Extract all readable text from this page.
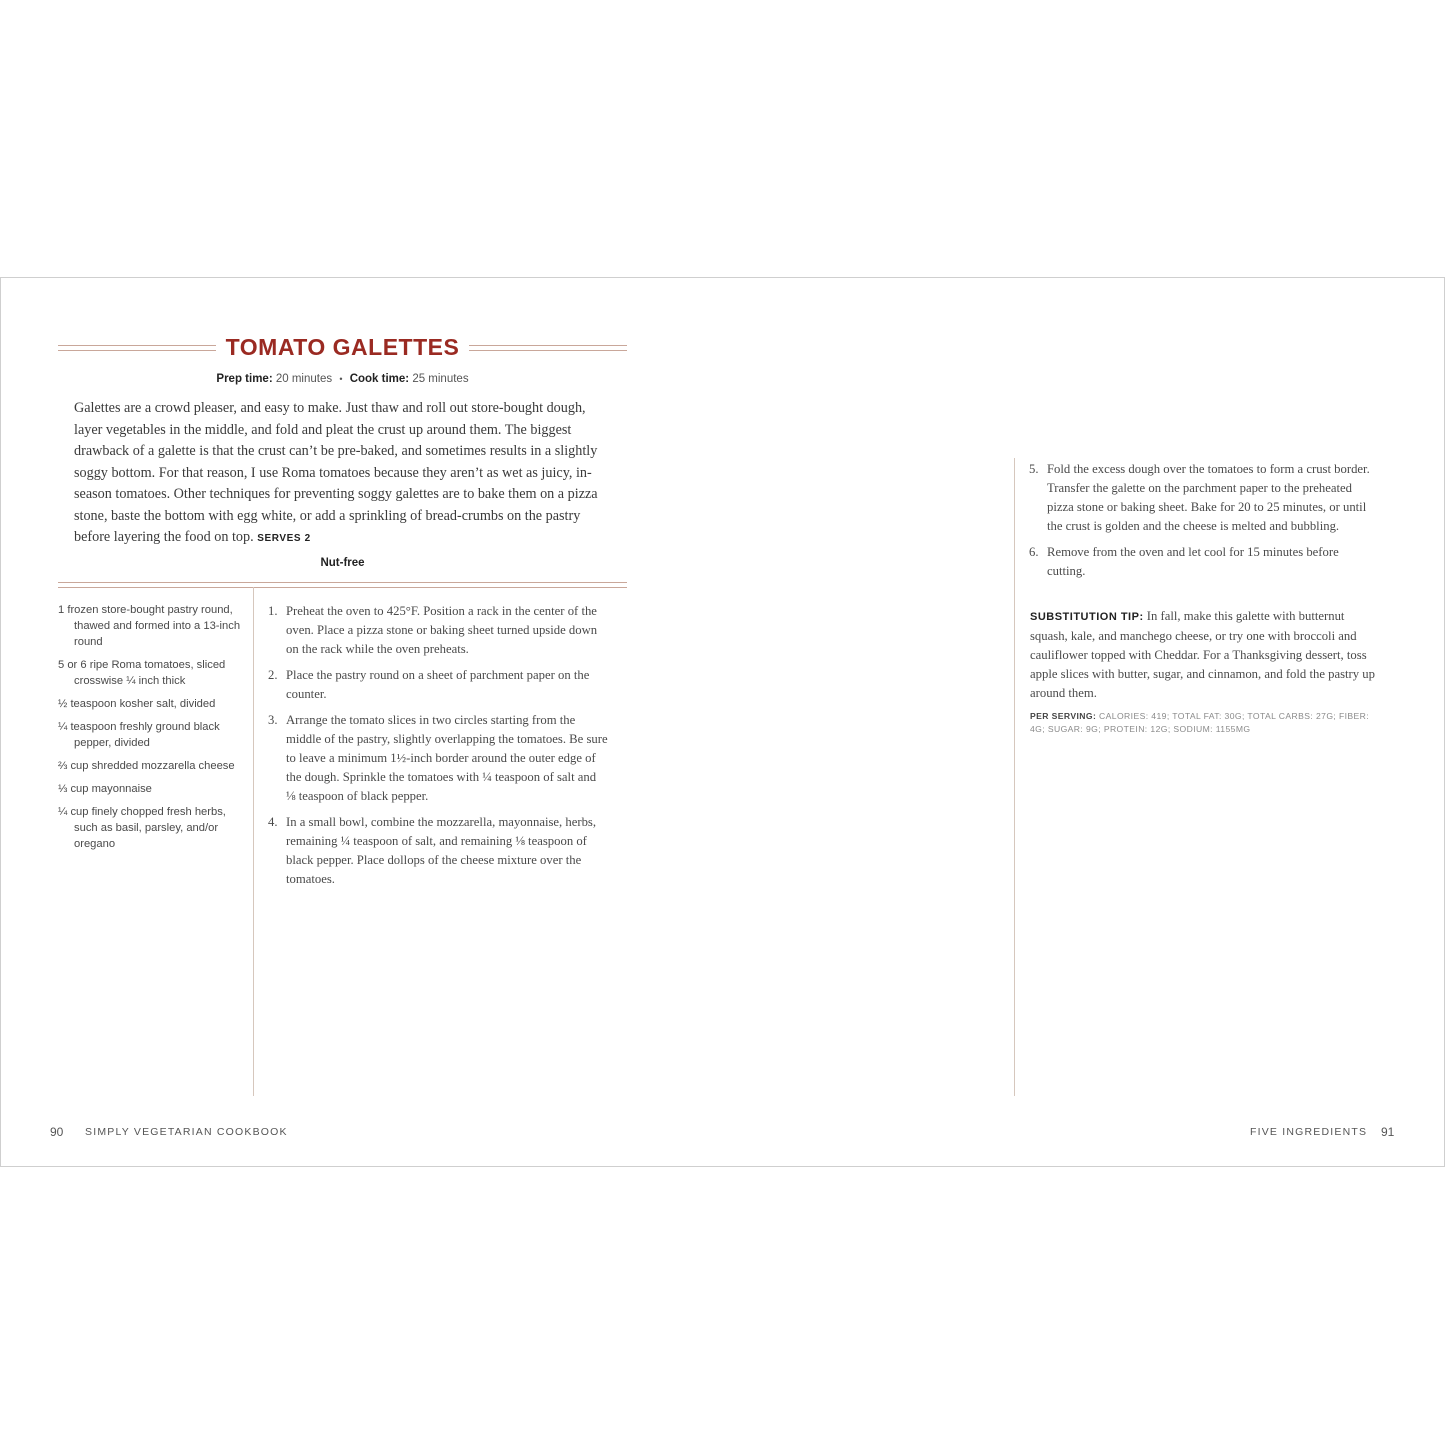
TOMATO GALETTES
Prep time: 20 minutes • Cook time: 25 minutes
Galettes are a crowd pleaser, and easy to make. Just thaw and roll out store-bought dough, layer vegetables in the middle, and fold and pleat the crust up around them. The biggest drawback of a galette is that the crust can’t be pre-baked, and sometimes results in a slightly soggy bottom. For that reason, I use Roma tomatoes because they aren’t as wet as juicy, in-season tomatoes. Other techniques for preventing soggy galettes are to bake them on a pizza stone, baste the bottom with egg white, or add a sprinkling of bread-crumbs on the pastry before layering the food on top. SERVES 2
Nut-free
1 frozen store-bought pastry round, thawed and formed into a 13-inch round
5 or 6 ripe Roma tomatoes, sliced crosswise ¼ inch thick
½ teaspoon kosher salt, divided
¼ teaspoon freshly ground black pepper, divided
⅔ cup shredded mozzarella cheese
⅓ cup mayonnaise
¼ cup finely chopped fresh herbs, such as basil, parsley, and/or oregano
1. Preheat the oven to 425°F. Position a rack in the center of the oven. Place a pizza stone or baking sheet turned upside down on the rack while the oven preheats.
2. Place the pastry round on a sheet of parchment paper on the counter.
3. Arrange the tomato slices in two circles starting from the middle of the pastry, slightly overlapping the tomatoes. Be sure to leave a minimum 1½-inch border around the outer edge of the dough. Sprinkle the tomatoes with ¼ teaspoon of salt and ⅛ teaspoon of black pepper.
4. In a small bowl, combine the mozzarella, mayonnaise, herbs, remaining ¼ teaspoon of salt, and remaining ⅛ teaspoon of black pepper. Place dollops of the cheese mixture over the tomatoes.
5. Fold the excess dough over the tomatoes to form a crust border. Transfer the galette on the parchment paper to the preheated pizza stone or baking sheet. Bake for 20 to 25 minutes, or until the crust is golden and the cheese is melted and bubbling.
6. Remove from the oven and let cool for 15 minutes before cutting.
SUBSTITUTION TIP: In fall, make this galette with butternut squash, kale, and manchego cheese, or try one with broccoli and cauliflower topped with Cheddar. For a Thanksgiving dessert, toss apple slices with butter, sugar, and cinnamon, and fold the pastry up around them.
PER SERVING: CALORIES: 419; TOTAL FAT: 30G; TOTAL CARBS: 27G; FIBER: 4G; SUGAR: 9G; PROTEIN: 12G; SODIUM: 1155MG
90 SIMPLY VEGETARIAN COOKBOOK	FIVE INGREDIENTS 91
